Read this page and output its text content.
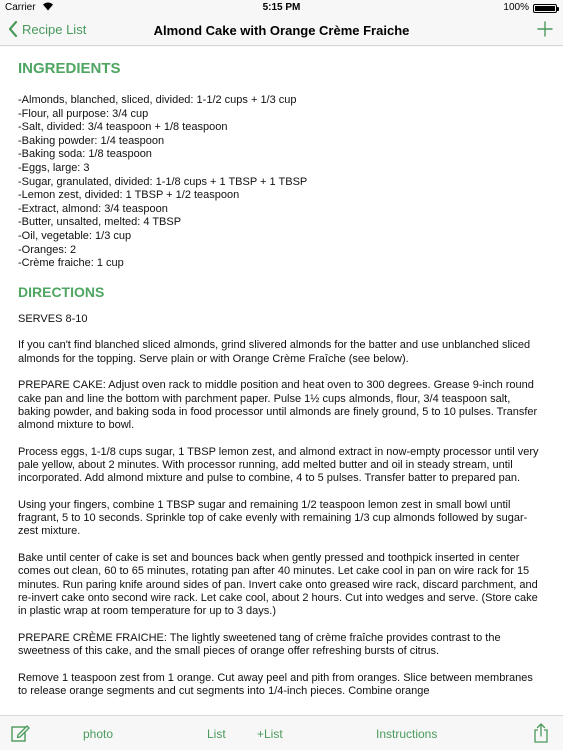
Carrier	5:15 PM	100%
Recipe List	Almond Cake with Orange Crème Fraiche
INGREDIENTS
-Almonds, blanched, sliced, divided: 1-1/2 cups + 1/3 cup
-Flour, all purpose: 3/4 cup
-Salt, divided: 3/4 teaspoon + 1/8 teaspoon
-Baking powder: 1/4 teaspoon
-Baking soda: 1/8 teaspoon
-Eggs, large: 3
-Sugar, granulated, divided: 1-1/8 cups + 1 TBSP + 1 TBSP
-Lemon zest, divided: 1 TBSP + 1/2 teaspoon
-Extract, almond: 3/4 teaspoon
-Butter, unsalted, melted: 4 TBSP
-Oil, vegetable: 1/3 cup
-Oranges: 2
-Crème fraiche: 1 cup
DIRECTIONS

SERVES 8-10

If you can't find blanched sliced almonds, grind slivered almonds for the batter and use unblanched sliced almonds for the topping. Serve plain or with Orange Crème Fraîche (see below).

PREPARE CAKE: Adjust oven rack to middle position and heat oven to 300 degrees. Grease 9-inch round cake pan and line the bottom with parchment paper. Pulse 1½ cups almonds, flour, 3/4 teaspoon salt, baking powder, and baking soda in food processor until almonds are finely ground, 5 to 10 pulses. Transfer almond mixture to bowl.

Process eggs, 1-1/8 cups sugar, 1 TBSP lemon zest, and almond extract in now-empty processor until very pale yellow, about 2 minutes. With processor running, add melted butter and oil in steady stream, until incorporated. Add almond mixture and pulse to combine, 4 to 5 pulses. Transfer batter to prepared pan.

Using your fingers, combine 1 TBSP sugar and remaining 1/2 teaspoon lemon zest in small bowl until fragrant, 5 to 10 seconds. Sprinkle top of cake evenly with remaining 1/3 cup almonds followed by sugar-zest mixture.

Bake until center of cake is set and bounces back when gently pressed and toothpick inserted in center comes out clean, 60 to 65 minutes, rotating pan after 40 minutes. Let cake cool in pan on wire rack for 15 minutes. Run paring knife around sides of pan. Invert cake onto greased wire rack, discard parchment, and re-invert cake onto second wire rack. Let cake cool, about 2 hours. Cut into wedges and serve. (Store cake in plastic wrap at room temperature for up to 3 days.)

PREPARE CRÈME FRAICHE: The lightly sweetened tang of crème fraîche provides contrast to the sweetness of this cake, and the small pieces of orange offer refreshing bursts of citrus.

Remove 1 teaspoon zest from 1 orange. Cut away peel and pith from oranges. Slice between membranes to release orange segments and cut segments into 1/4-inch pieces. Combine orange

photo	List	+List	Instructions
